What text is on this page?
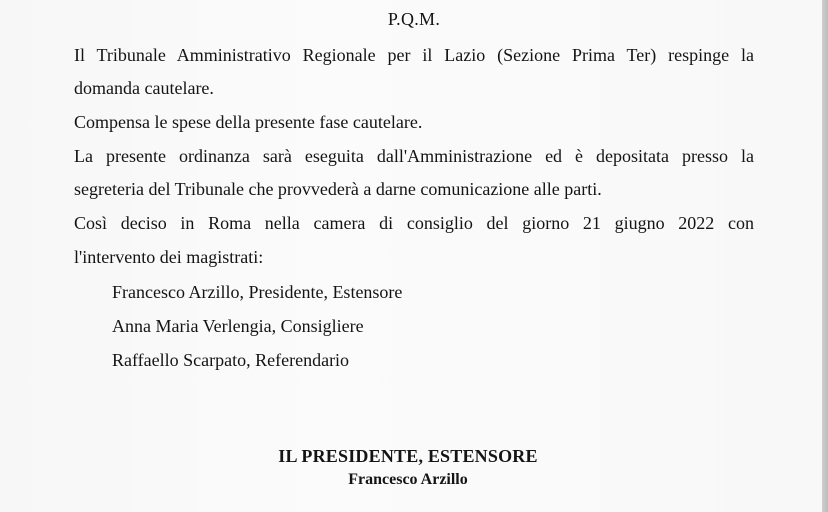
P.Q.M.
Il Tribunale Amministrativo Regionale per il Lazio (Sezione Prima Ter) respinge la
domanda cautelare.
Compensa le spese della presente fase cautelare.
La presente ordinanza sarà eseguita dall'Amministrazione ed è depositata presso la
segreteria del Tribunale che provvederà a darne comunicazione alle parti.
Così deciso in Roma nella camera di consiglio del giorno 21 giugno 2022 con
l'intervento dei magistrati:
Francesco Arzillo, Presidente, Estensore
Anna Maria Verlengia, Consigliere
Raffaello Scarpato, Referendario
IL PRESIDENTE, ESTENSORE
Francesco Arzillo
